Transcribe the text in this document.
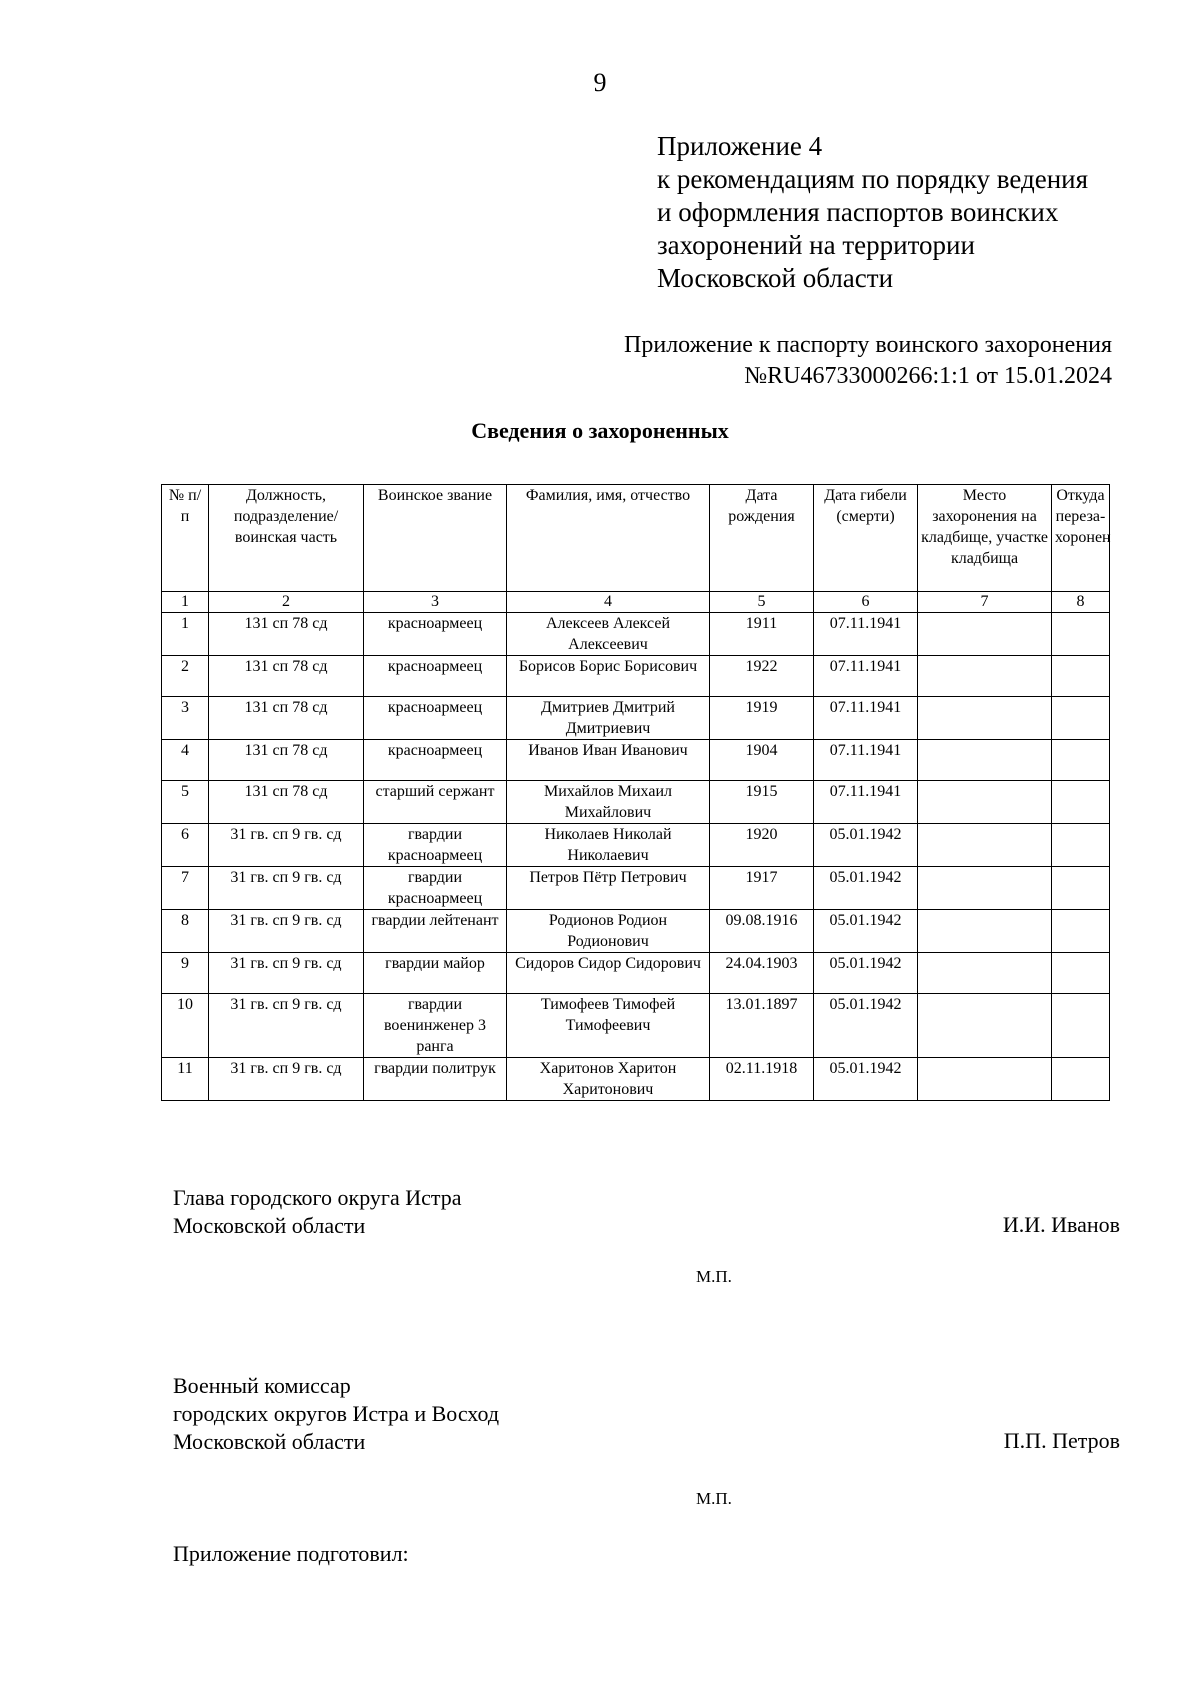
9
Приложение 4
к рекомендациям по порядку ведения
и оформления паспортов воинских
захоронений на территории
Московской области
Приложение к паспорту воинского захоронения
№RU46733000266:1:1 от 15.01.2024
Сведения о захороненных
№ п/п	Должность, подразделение/ воинская часть	Воинское звание	Фамилия, имя, отчество	Дата рождения	Дата гибели (смерти)	Место захоронения на кладбище, участке кладбища	Откуда переза- хоронен
1	2	3	4	5	6	7	8
1	131 сп 78 сд	красноармеец	Алексеев Алексей Алексеевич	1911	07.11.1941		
2	131 сп 78 сд	красноармеец	Борисов Борис Борисович	1922	07.11.1941		
3	131 сп 78 сд	красноармеец	Дмитриев Дмитрий Дмитриевич	1919	07.11.1941		
4	131 сп 78 сд	красноармеец	Иванов Иван Иванович	1904	07.11.1941		
5	131 сп 78 сд	старший сержант	Михайлов Михаил Михайлович	1915	07.11.1941		
6	31 гв. сп 9 гв. сд	гвардии красноармеец	Николаев Николай Николаевич	1920	05.01.1942		
7	31 гв. сп 9 гв. сд	гвардии красноармеец	Петров Пётр Петрович	1917	05.01.1942		
8	31 гв. сп 9 гв. сд	гвардии лейтенант	Родионов Родион Родионович	09.08.1916	05.01.1942		
9	31 гв. сп 9 гв. сд	гвардии майор	Сидоров Сидор Сидорович	24.04.1903	05.01.1942		
10	31 гв. сп 9 гв. сд	гвардии военинженер 3 ранга	Тимофеев Тимофей Тимофеевич	13.01.1897	05.01.1942		
11	31 гв. сп 9 гв. сд	гвардии политрук	Харитонов Харитон Харитонович	02.11.1918	05.01.1942		
Глава городского округа Истра
Московской области	И.И. Иванов
М.П.
Военный комиссар
городских округов Истра и Восход
Московской области	П.П. Петров
М.П.
Приложение подготовил:
